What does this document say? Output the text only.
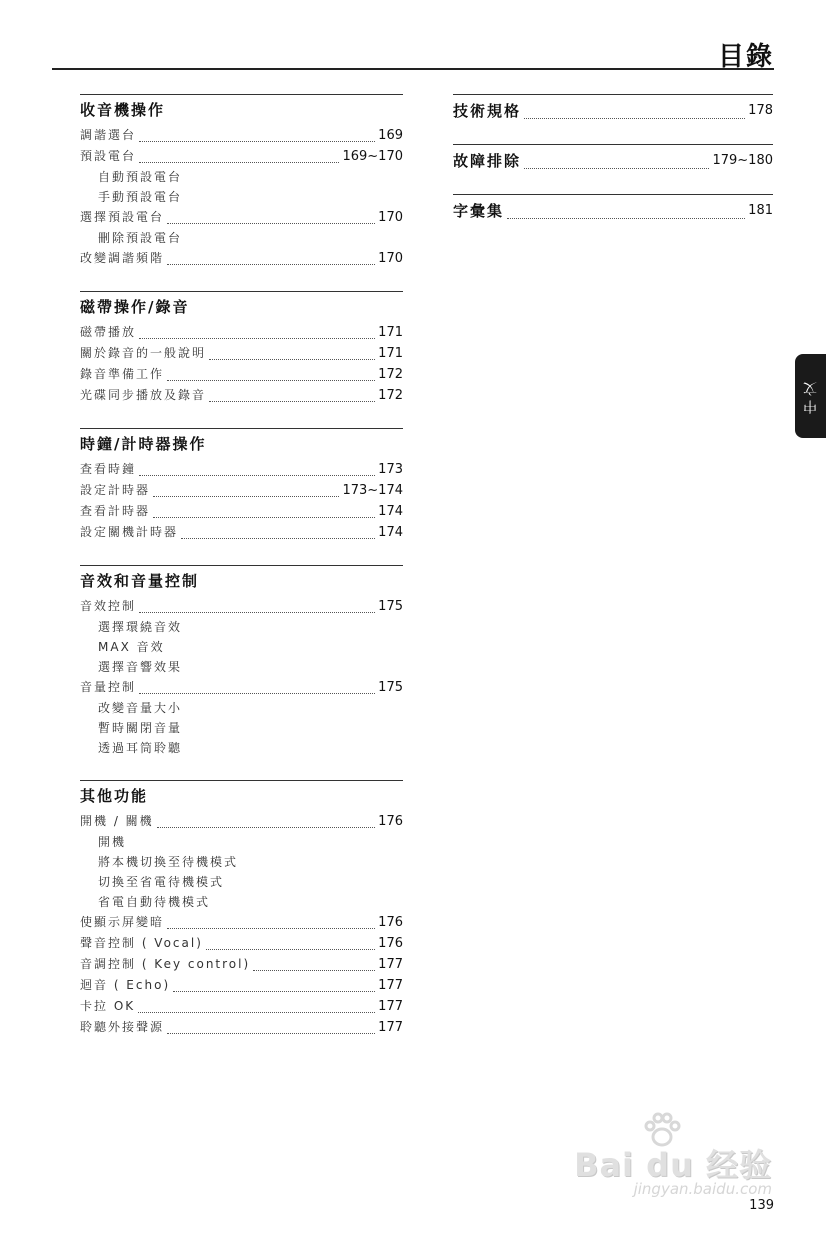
目錄
收音機操作
調諧選台	169
預設電台	169~170
自動預設電台
手動預設電台
選擇預設電台	170
刪除預設電台
改變調諧頻階	170
磁帶操作/錄音
磁帶播放	171
關於錄音的一般說明	171
錄音準備工作	172
光碟同步播放及錄音	172
時鐘/計時器操作
查看時鐘	173
設定計時器	173~174
查看計時器	174
設定關機計時器	174
音效和音量控制
音效控制	175
選擇環繞音效
MAX 音效
選擇音響效果
音量控制	175
改變音量大小
暫時關閉音量
透過耳筒聆聽
其他功能
開機 / 關機	176
開機
將本機切換至待機模式
切換至省電待機模式
省電自動待機模式
使顯示屏變暗	176
聲音控制 ( Vocal)	176
音調控制 ( Key control)	177
迴音 ( Echo)	177
卡拉 OK	177
聆聽外接聲源	177
技術規格	178
故障排除	179~180
字彙集	181
中文
Bai du 经验
jingyan.baidu.com
139
